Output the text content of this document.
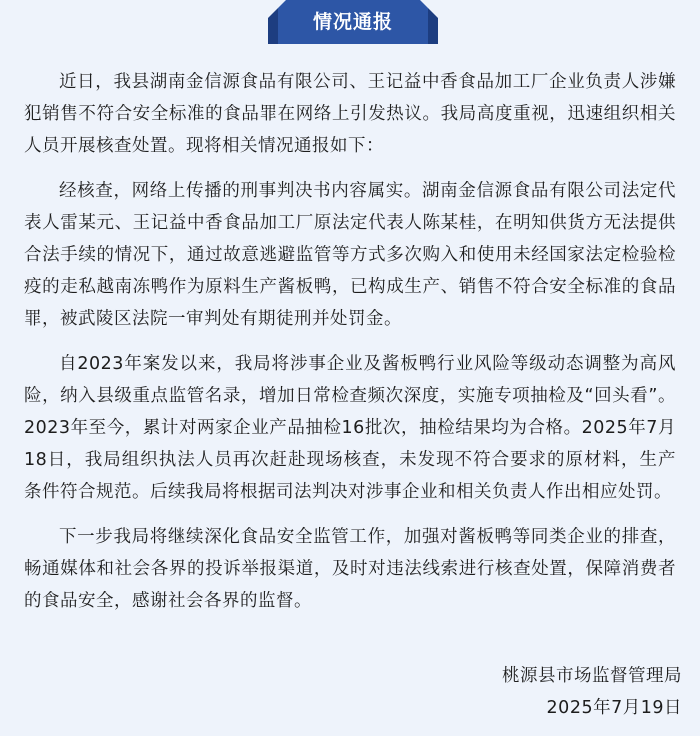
情况通报

近日，我县湖南金信源食品有限公司、王记益中香食品加工厂企业负责人涉嫌犯销售不符合安全标准的食品罪在网络上引发热议。我局高度重视，迅速组织相关人员开展核查处置。现将相关情况通报如下：

经核查，网络上传播的刑事判决书内容属实。湖南金信源食品有限公司法定代表人雷某元、王记益中香食品加工厂原法定代表人陈某桂，在明知供货方无法提供合法手续的情况下，通过故意逃避监管等方式多次购入和使用未经国家法定检验检疫的走私越南冻鸭作为原料生产酱板鸭，已构成生产、销售不符合安全标准的食品罪，被武陵区法院一审判处有期徒刑并处罚金。

自2023年案发以来，我局将涉事企业及酱板鸭行业风险等级动态调整为高风险，纳入县级重点监管名录，增加日常检查频次深度，实施专项抽检及“回头看”。2023年至今，累计对两家企业产品抽检16批次，抽检结果均为合格。2025年7月18日，我局组织执法人员再次赶赴现场核查，未发现不符合要求的原材料，生产条件符合规范。后续我局将根据司法判决对涉事企业和相关负责人作出相应处罚。

下一步我局将继续深化食品安全监管工作，加强对酱板鸭等同类企业的排查，畅通媒体和社会各界的投诉举报渠道，及时对违法线索进行核查处置，保障消费者的食品安全，感谢社会各界的监督。

桃源县市场监督管理局
2025年7月19日
